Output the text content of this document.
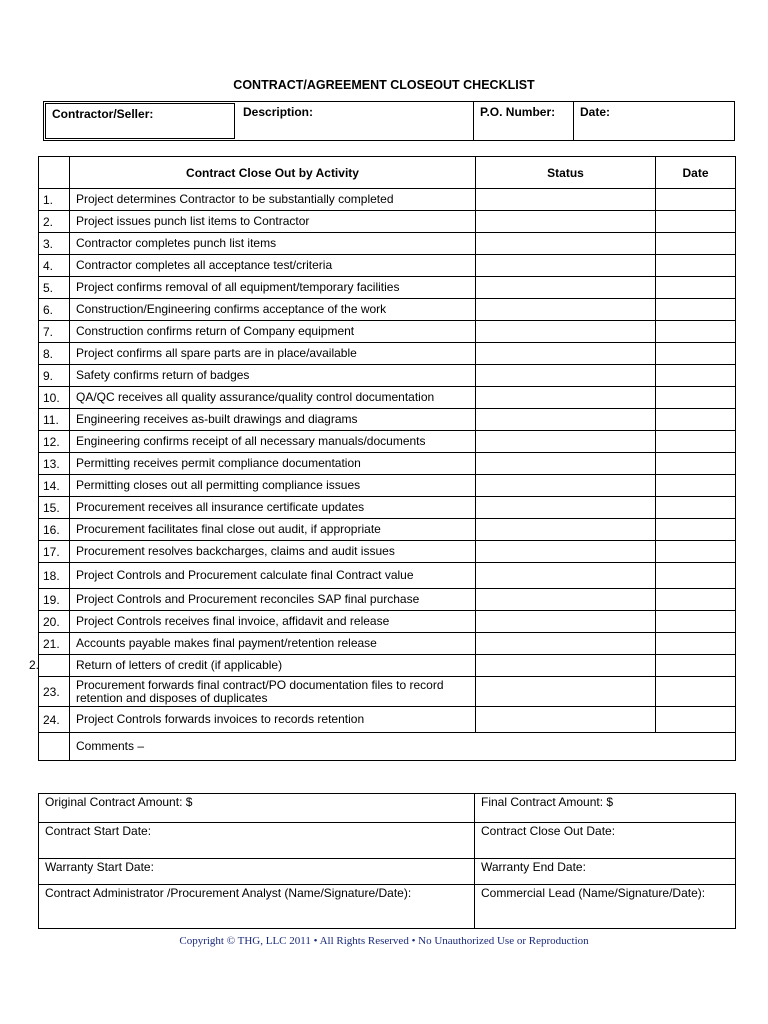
CONTRACT/AGREEMENT CLOSEOUT CHECKLIST
Contractor/Seller:	Description:	P.O. Number:	Date:
	Contract Close Out by Activity	Status	Date
1.	Project determines Contractor to be substantially completed		
2.	Project issues punch list items to Contractor		
3.	Contractor completes punch list items		
4.	Contractor completes all acceptance test/criteria		
5.	Project confirms removal of all equipment/temporary facilities		
6.	Construction/Engineering confirms acceptance of the work		
7.	Construction confirms return of Company equipment		
8.	Project confirms all spare parts are in place/available		
9.	Safety confirms return of badges		
10.	QA/QC receives all quality assurance/quality control documentation		
11.	Engineering receives as-built drawings and diagrams		
12.	Engineering confirms receipt of all necessary manuals/documents		
13.	Permitting receives permit compliance documentation		
14.	Permitting closes out all permitting compliance issues		
15.	Procurement receives all insurance certificate updates		
16.	Procurement facilitates final close out audit, if appropriate		
17.	Procurement resolves backcharges, claims and audit issues		
18.	Project Controls and Procurement calculate final Contract value		
19.	Project Controls and Procurement reconciles SAP final purchase		
20.	Project Controls receives final invoice, affidavit and release		
21.	Accounts payable makes final payment/retention release		

2.	Return of letters of credit (if applicable)		
23.	Procurement forwards final contract/PO documentation files to record retention and disposes of duplicates		
24.	Project Controls forwards invoices to records retention		
	Comments –		
Original Contract Amount: $	Final Contract Amount: $
Contract Start Date:	Contract Close Out Date:
Warranty Start Date:	Warranty End Date:
Contract Administrator /Procurement Analyst (Name/Signature/Date):	Commercial Lead (Name/Signature/Date):
Copyright © THG, LLC 2011 • All Rights Reserved • No Unauthorized Use or Reproduction
